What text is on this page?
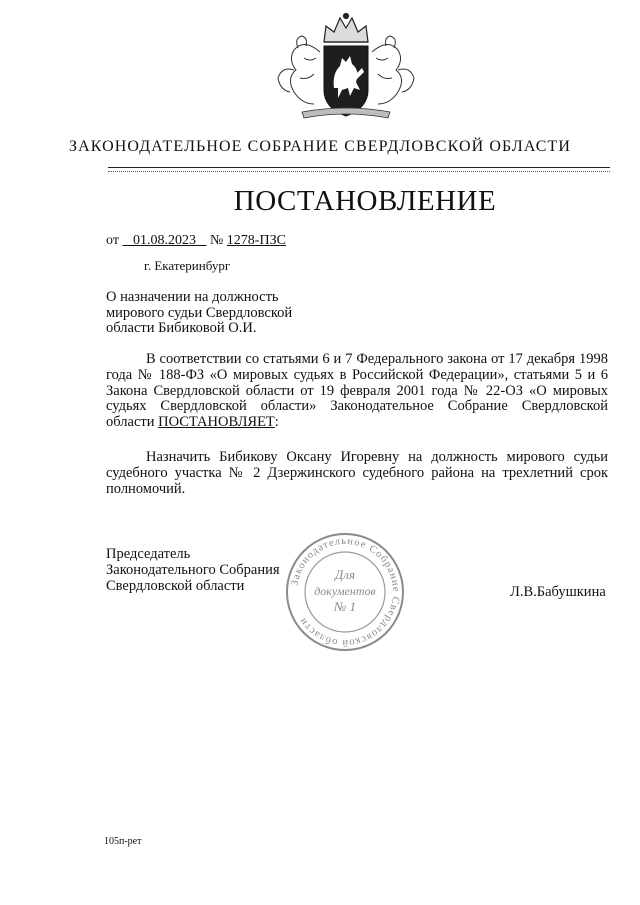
ЗАКОНОДАТЕЛЬНОЕ СОБРАНИЕ СВЕРДЛОВСКОЙ ОБЛАСТИ
ПОСТАНОВЛЕНИЕ
от 01.08.2023 № 1278-ПЗС
г. Екатеринбург
О назначении на должность
мирового судьи Свердловской
области Бибиковой О.И.
В соответствии со статьями 6 и 7 Федерального закона от 17 декабря 1998 года № 188-ФЗ «О мировых судьях в Российской Федерации», статьями 5 и 6 Закона Свердловской области от 19 февраля 2001 года № 22-ОЗ «О мировых судьях Свердловской области» Законодательное Собрание Свердловской области ПОСТАНОВЛЯЕТ:
Назначить Бибикову Оксану Игоревну на должность мирового судьи судебного участка № 2 Дзержинского судебного района на трехлетний срок полномочий.
Председатель
Законодательного Собрания
Свердловской области	Законодательное Собрание Свердловской области
Для
документов
№ 1
Л.В.Бабушкина
105п-рет
